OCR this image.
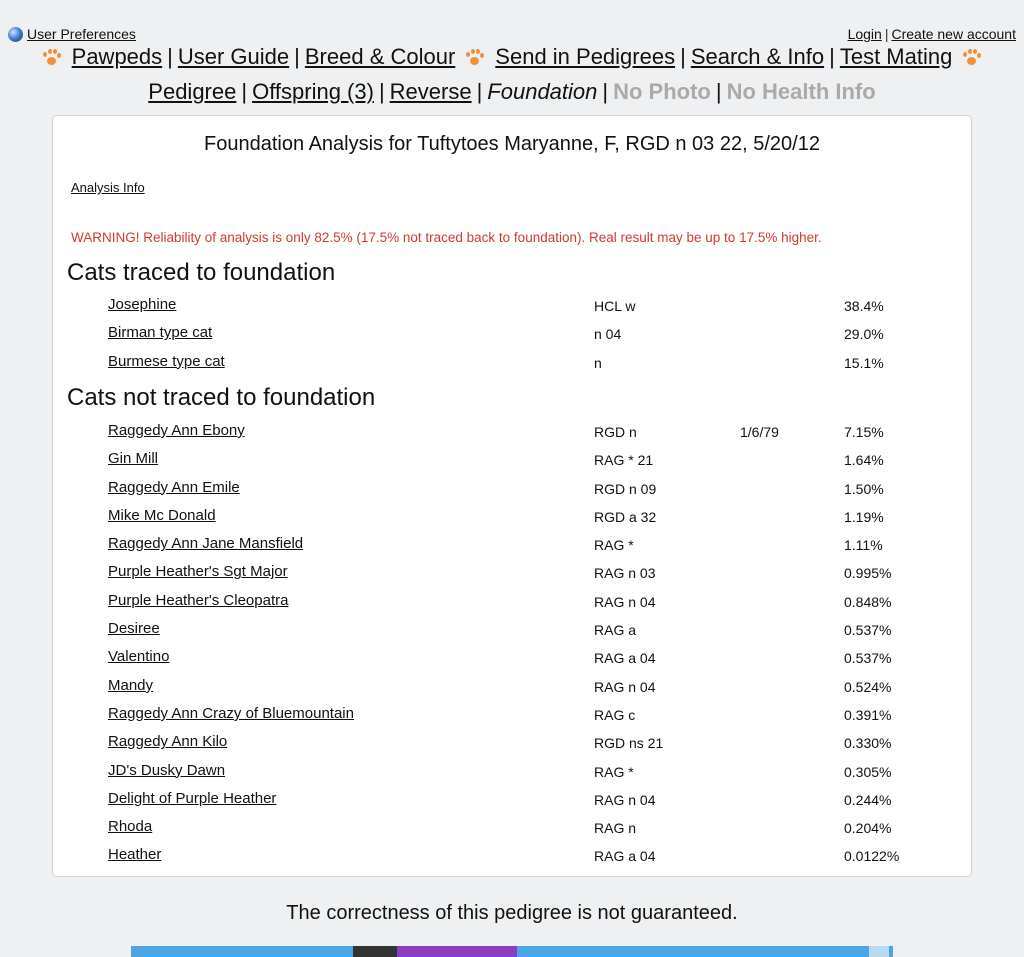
User Preferences	Login | Create new account
Pawpeds | User Guide | Breed & Colour Send in Pedigrees | Search & Info | Test Mating
Pedigree | Offspring (3) | Reverse | Foundation | No Photo | No Health Info
Foundation Analysis for Tuftytoes Maryanne, F, RGD n 03 22, 5/20/12
Analysis Info
WARNING! Reliability of analysis is only 82.5% (17.5% not traced back to foundation). Real result may be up to 17.5% higher.
Cats traced to foundation
Josephine	HCL w	38.4%
Birman type cat	n 04	29.0%
Burmese type cat	n	15.1%
Cats not traced to foundation
Raggedy Ann Ebony	RGD n	1/6/79	7.15%
Gin Mill	RAG * 21	1.64%
Raggedy Ann Emile	RGD n 09	1.50%
Mike Mc Donald	RGD a 32	1.19%
Raggedy Ann Jane Mansfield	RAG *	1.11%
Purple Heather's Sgt Major	RAG n 03	0.995%
Purple Heather's Cleopatra	RAG n 04	0.848%
Desiree	RAG a	0.537%
Valentino	RAG a 04	0.537%
Mandy	RAG n 04	0.524%
Raggedy Ann Crazy of Bluemountain	RAG c	0.391%
Raggedy Ann Kilo	RGD ns 21	0.330%
JD's Dusky Dawn	RAG *	0.305%
Delight of Purple Heather	RAG n 04	0.244%
Rhoda	RAG n	0.204%
Heather	RAG a 04	0.0122%
The correctness of this pedigree is not guaranteed.
